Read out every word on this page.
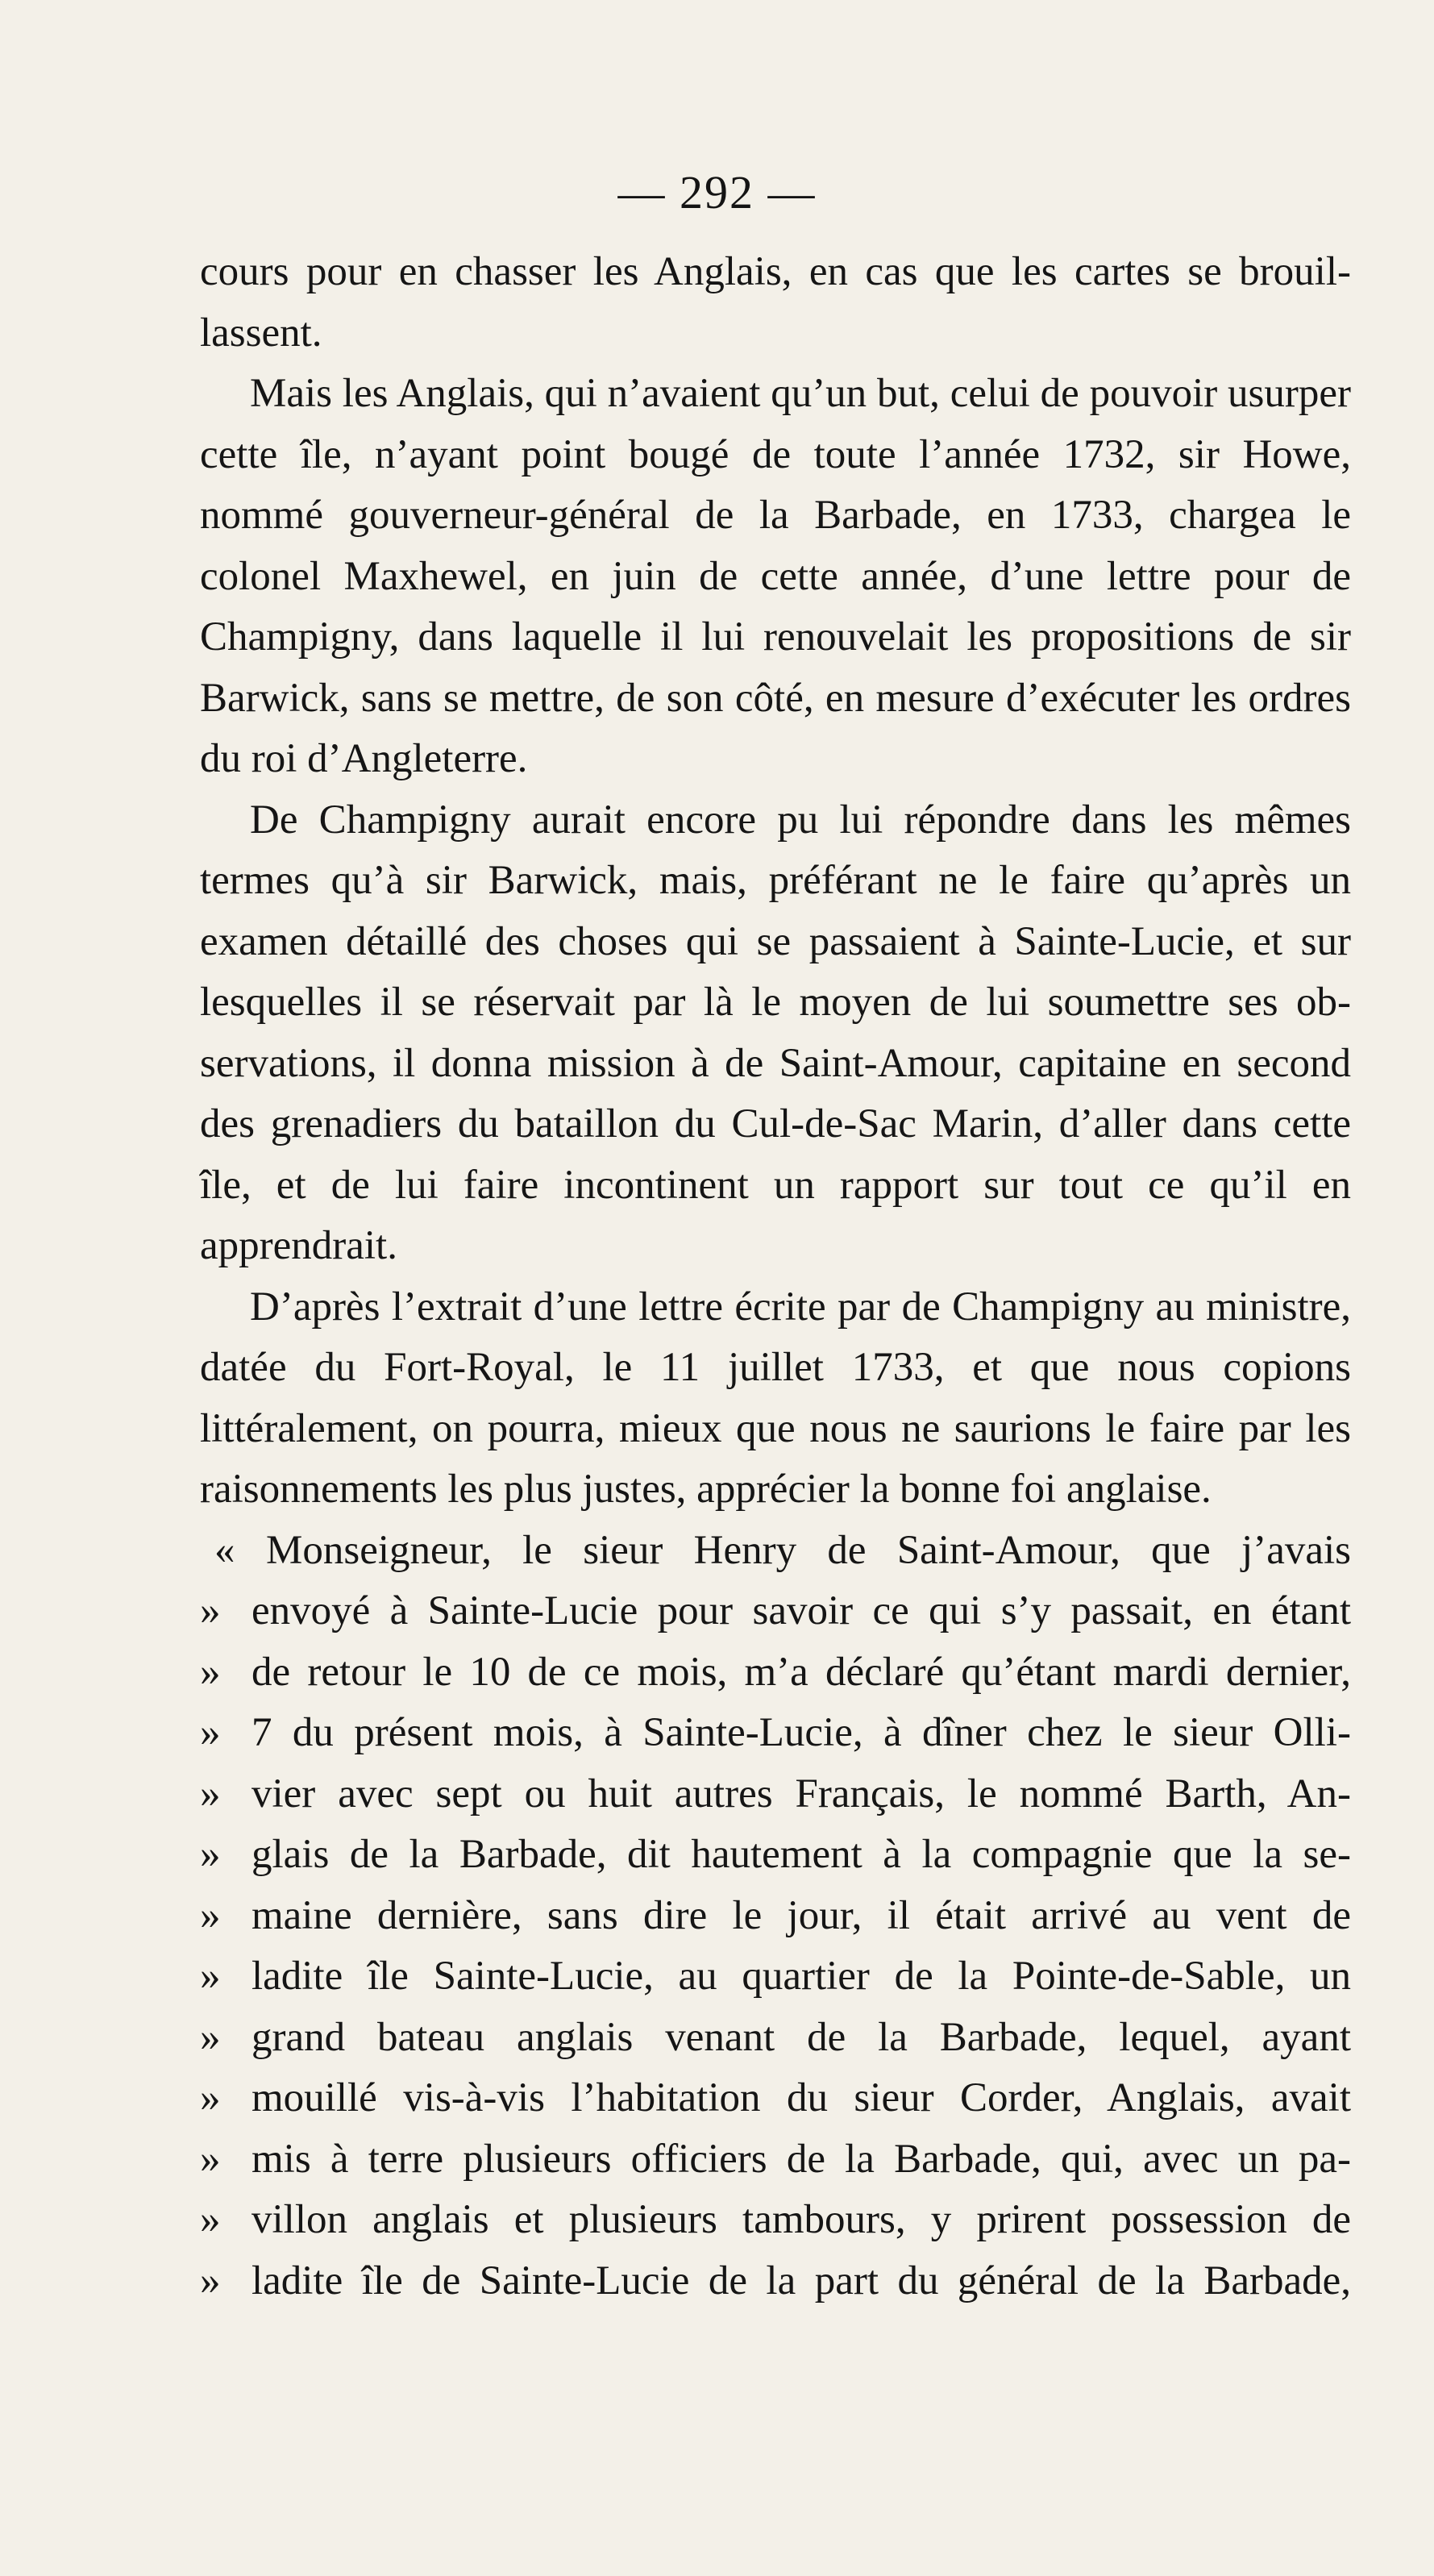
— 292 —

cours pour en chasser les Anglais, en cas que les cartes se brouillassent.

Mais les Anglais, qui n’avaient qu’un but, celui de pouvoir usurper cette île, n’ayant point bougé de toute l’année 1732, sir Howe, nommé gouverneur-général de la Barbade, en 1733, chargea le colonel Maxhewel, en juin de cette année, d’une lettre pour de Champigny, dans laquelle il lui renouvelait les propositions de sir Barwick, sans se mettre, de son côté, en mesure d’exécuter les ordres du roi d’Angleterre.

De Champigny aurait encore pu lui répondre dans les mêmes termes qu’à sir Barwick, mais, préférant ne le faire qu’après un examen détaillé des choses qui se passaient à Sainte-Lucie, et sur lesquelles il se réservait par là le moyen de lui soumettre ses observations, il donna mission à de Saint-Amour, capitaine en second des grenadiers du bataillon du Cul-de-Sac Marin, d’aller dans cette île, et de lui faire incontinent un rapport sur tout ce qu’il en apprendrait.

D’après l’extrait d’une lettre écrite par de Champigny au ministre, datée du Fort-Royal, le 11 juillet 1733, et que nous copions littéralement, on pourra, mieux que nous ne saurions le faire par les raisonnements les plus justes, apprécier la bonne foi anglaise.

« Monseigneur, le sieur Henry de Saint-Amour, que j’avais
» envoyé à Sainte-Lucie pour savoir ce qui s’y passait, en étant
» de retour le 10 de ce mois, m’a déclaré qu’étant mardi dernier,
» 7 du présent mois, à Sainte-Lucie, à dîner chez le sieur Olli-
» vier avec sept ou huit autres Français, le nommé Barth, An-
» glais de la Barbade, dit hautement à la compagnie que la se-
» maine dernière, sans dire le jour, il était arrivé au vent de
» ladite île Sainte-Lucie, au quartier de la Pointe-de-Sable, un
» grand bateau anglais venant de la Barbade, lequel, ayant
» mouillé vis-à-vis l’habitation du sieur Corder, Anglais, avait
» mis à terre plusieurs officiers de la Barbade, qui, avec un pa-
» villon anglais et plusieurs tambours, y prirent possession de
» ladite île de Sainte-Lucie de la part du général de la Barbade,
